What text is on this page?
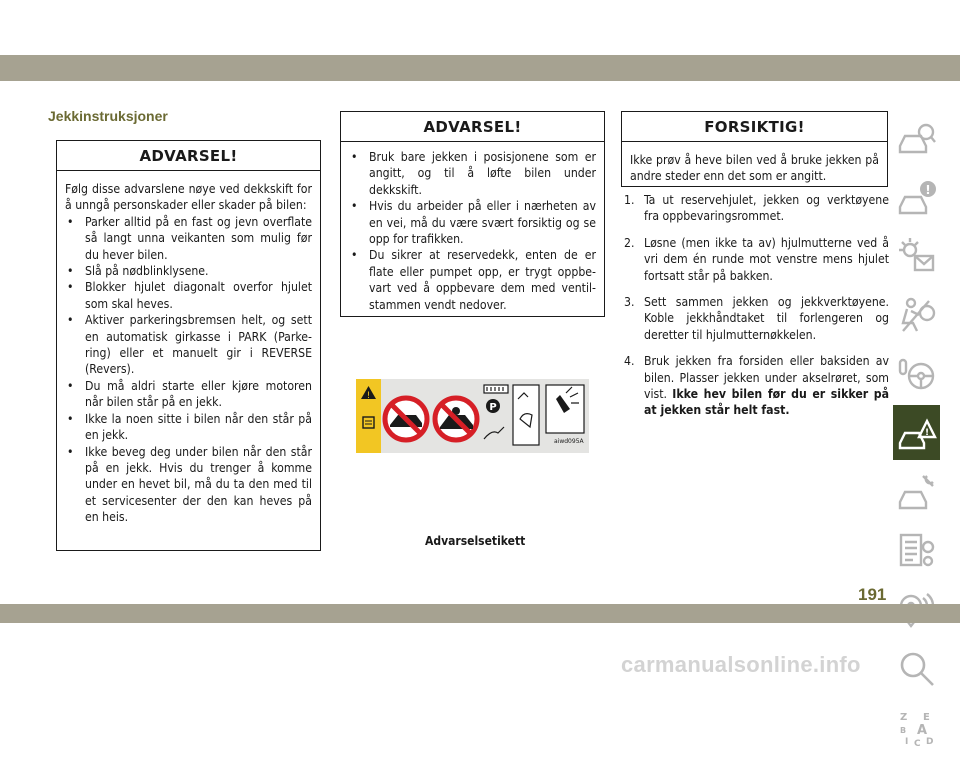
Jekkinstruksjoner
ADVARSEL!

Følg disse advarslene nøye ved dekkskift for å unngå personskader eller skader på bilen:

• Parker alltid på en fast og jevn overflate så langt unna veikanten som mulig før du hever bilen.
• Slå på nødblinklysene.
• Blokker hjulet diagonalt overfor hjulet som skal heves.
• Aktiver parkeringsbremsen helt, og sett en automatisk girkasse i PARK (Parke- ring) eller et manuelt gir i REVERSE (Revers).
• Du må aldri starte eller kjøre motoren når bilen står på en jekk.
• Ikke la noen sitte i bilen når den står på en jekk.
• Ikke beveg deg under bilen når den står på en jekk. Hvis du trenger å komme under en hevet bil, må du ta den med til et servicesenter der den kan heves på en heis.
ADVARSEL!
• Bruk bare jekken i posisjonene som er angitt, og til å løfte bilen under dekkskift.
• Hvis du arbeider på eller i nærheten av en vei, må du være svært forsiktig og se opp for trafikken.
• Du sikrer at reservedekk, enten de er flate eller pumpet opp, er trygt oppbe- vart ved å oppbevare dem med ventil- stammen vendt nedover.
FORSIKTIG!

Ikke prøv å heve bilen ved å bruke jekken på andre steder enn det som er angitt.

1. Ta ut reservehjulet, jekken og verktøyene fra oppbevaringsrommet.
2. Løsne (men ikke ta av) hjulmutterne ved å vri dem én runde mot venstre mens hjulet fortsatt står på bakken.
3. Sett sammen jekken og jekkverktøyene. Koble jekkhåndtaket til forlengeren og deretter til hjulmutternøkkelen.
4. Bruk jekken fra forsiden eller baksiden av bilen. Plasser jekken under akselrøret, som vist. Ikke hev bilen før du er sikker på at jekken står helt fast.
!
P
aiwd095A
Advarselsetikett
!
!
Z E
B A
I C D
191
carmanualsonline.info
